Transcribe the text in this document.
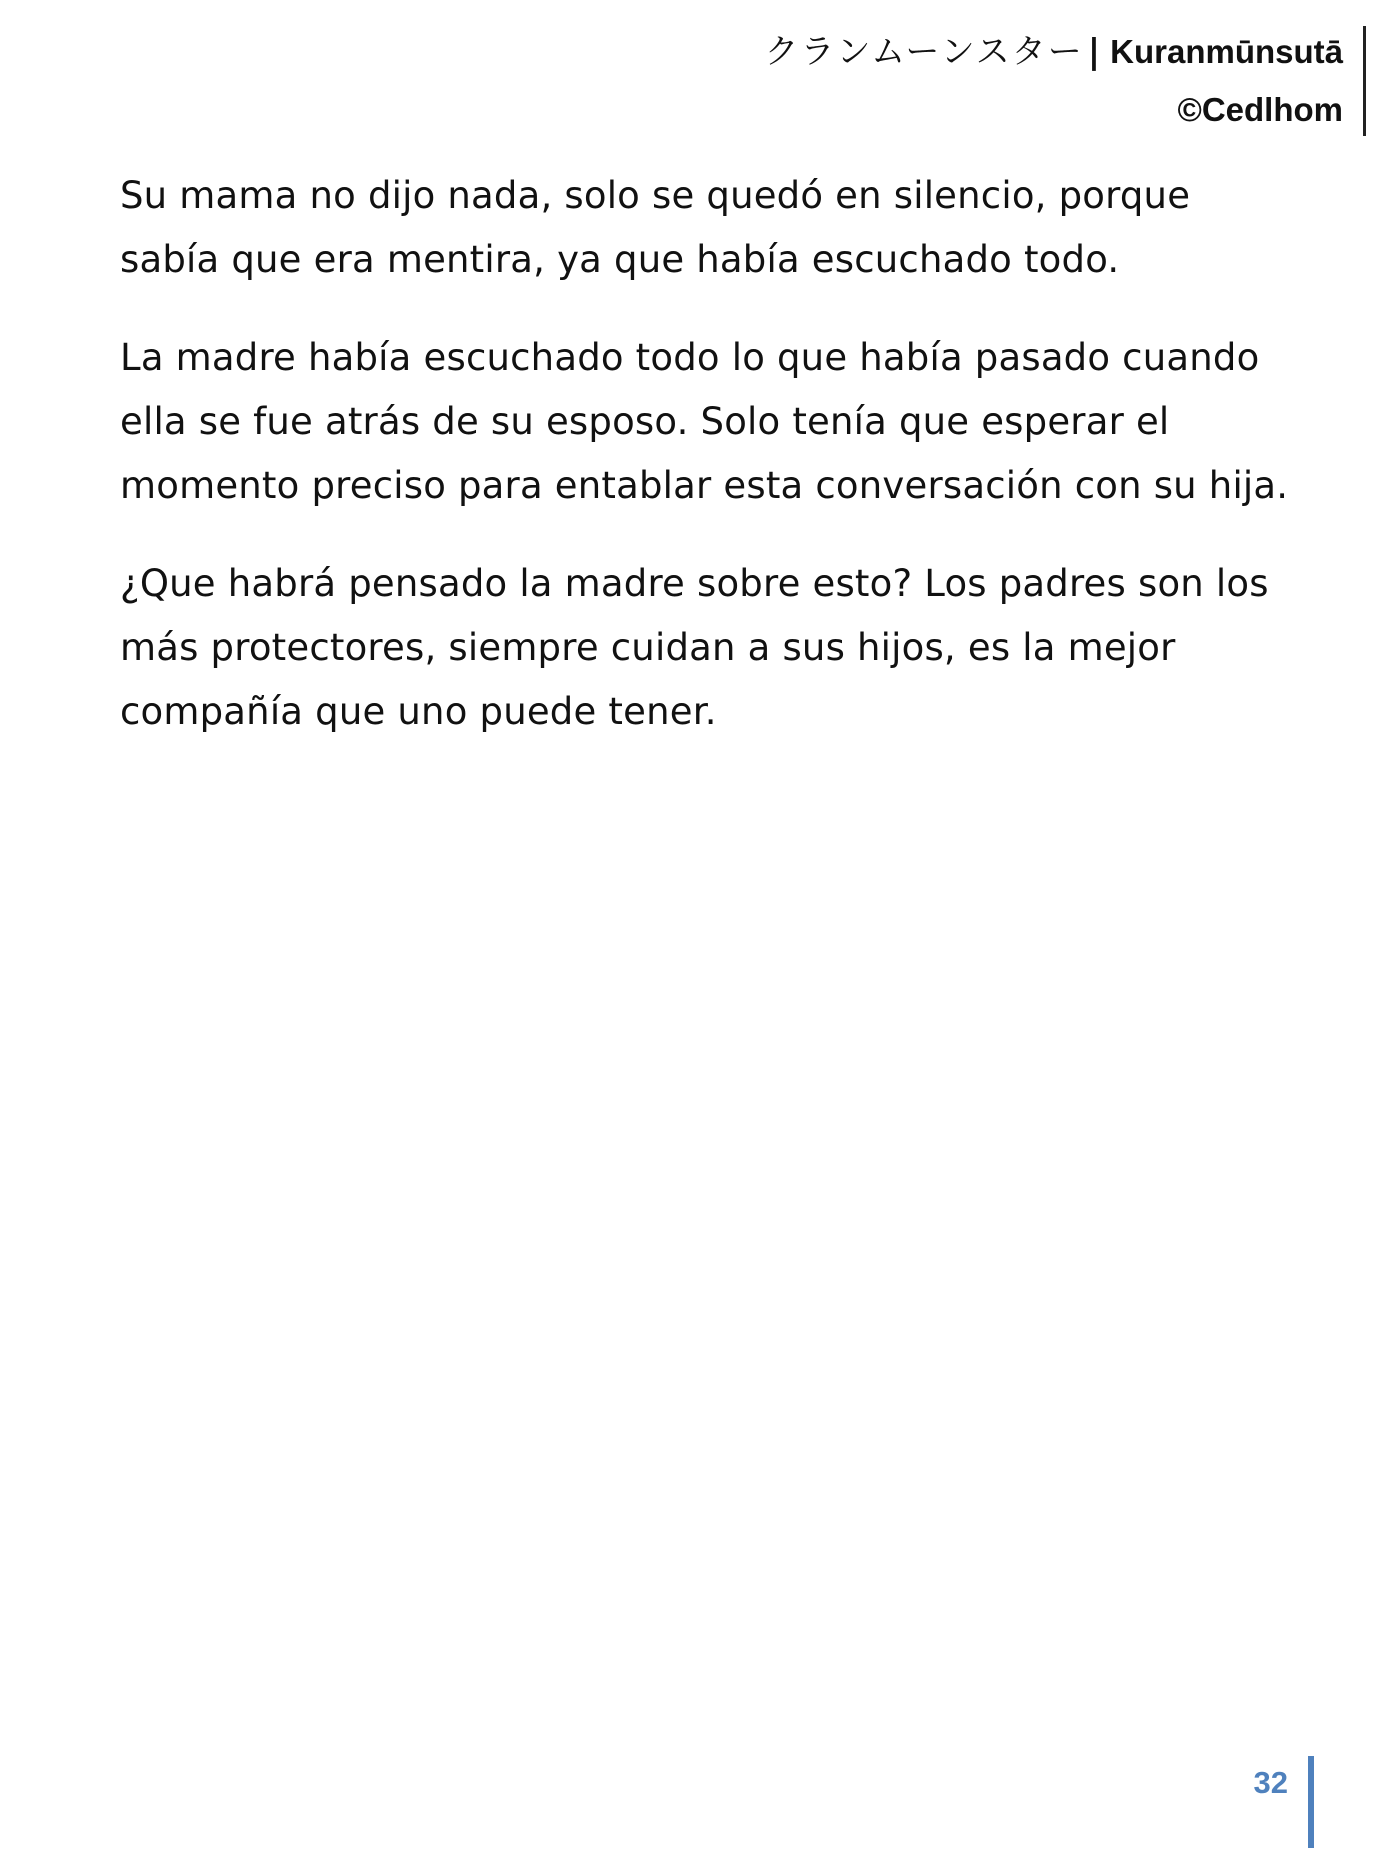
クランムーンスター | Kuranmūnsutā
©Cedlhom

Su mama no dijo nada, solo se quedó en silencio, porque sabía que era mentira, ya que había escuchado todo.

La madre había escuchado todo lo que había pasado cuando ella se fue atrás de su esposo. Solo tenía que esperar el momento preciso para entablar esta conversación con su hija.

¿Que habrá pensado la madre sobre esto? Los padres son los más protectores, siempre cuidan a sus hijos, es la mejor compañía que uno puede tener.

32
